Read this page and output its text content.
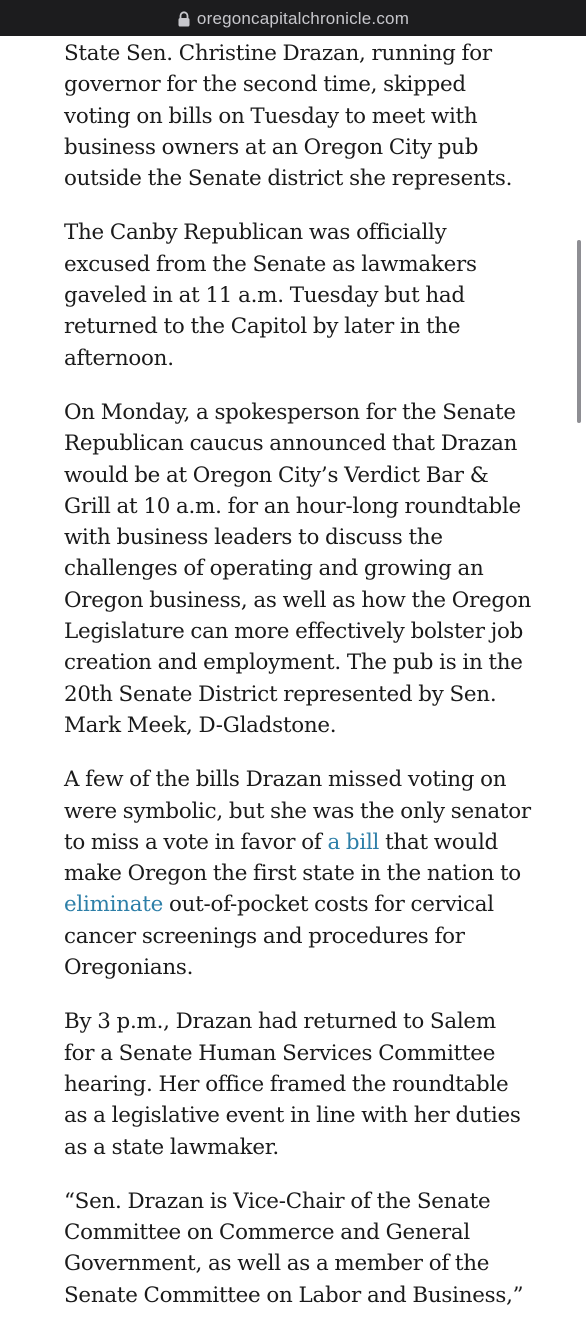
oregoncapitalchronicle.com

State Sen. Christine Drazan, running for governor for the second time, skipped voting on bills on Tuesday to meet with business owners at an Oregon City pub outside the Senate district she represents.

The Canby Republican was officially excused from the Senate as lawmakers gaveled in at 11 a.m. Tuesday but had returned to the Capitol by later in the afternoon.

On Monday, a spokesperson for the Senate Republican caucus announced that Drazan would be at Oregon City’s Verdict Bar & Grill at 10 a.m. for an hour-long roundtable with business leaders to discuss the challenges of operating and growing an Oregon business, as well as how the Oregon Legislature can more effectively bolster job creation and employment. The pub is in the 20th Senate District represented by Sen. Mark Meek, D-Gladstone.

A few of the bills Drazan missed voting on were symbolic, but she was the only senator to miss a vote in favor of a bill that would make Oregon the first state in the nation to eliminate out-of-pocket costs for cervical cancer screenings and procedures for Oregonians.

By 3 p.m., Drazan had returned to Salem for a Senate Human Services Committee hearing. Her office framed the roundtable as a legislative event in line with her duties as a state lawmaker.

“Sen. Drazan is Vice-Chair of the Senate Committee on Commerce and General Government, as well as a member of the Senate Committee on Labor and Business,”
